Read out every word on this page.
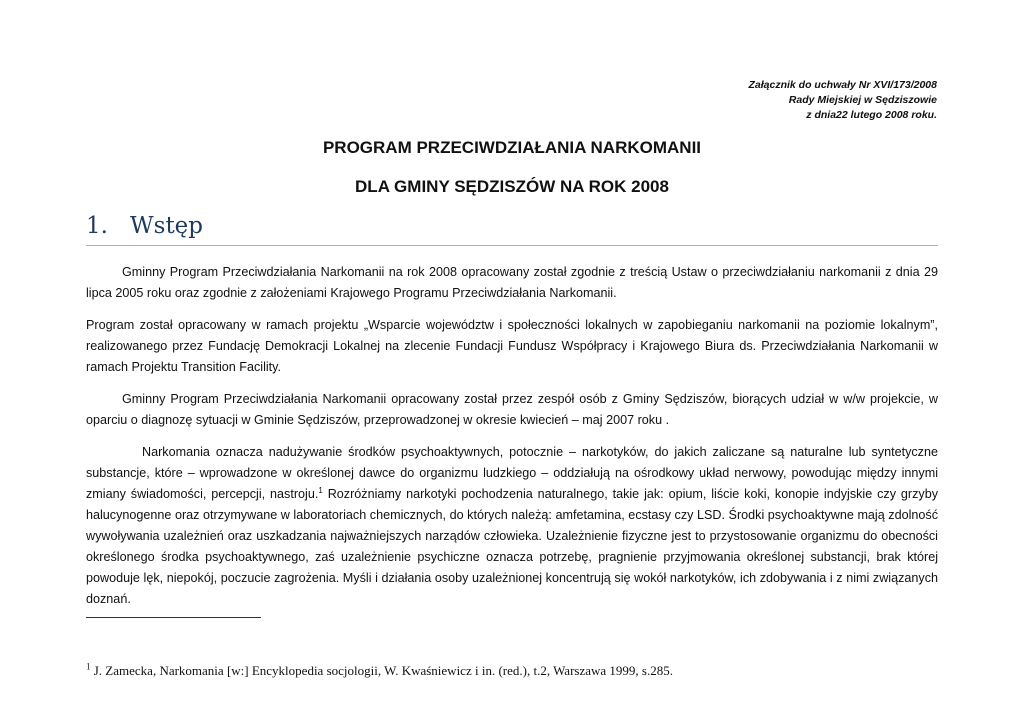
Załącznik do uchwały Nr XVI/173/2008
Rady Miejskiej w Sędziszowie
z dnia22 lutego 2008 roku.
PROGRAM PRZECIWDZIAŁANIA NARKOMANII
DLA GMINY SĘDZISZÓW NA ROK 2008
1. Wstęp

Gminny Program Przeciwdziałania Narkomanii na rok 2008 opracowany został zgodnie z treścią Ustaw o przeciwdziałaniu narkomanii z dnia 29 lipca 2005 roku oraz zgodnie z założeniami Krajowego Programu Przeciwdziałania Narkomanii.

Program został opracowany w ramach projektu „Wsparcie województw i społeczności lokalnych w zapobieganiu narkomanii na poziomie lokalnym”, realizowanego przez Fundację Demokracji Lokalnej na zlecenie Fundacji Fundusz Współpracy i Krajowego Biura ds. Przeciwdziałania Narkomanii w ramach Projektu Transition Facility.

Gminny Program Przeciwdziałania Narkomanii opracowany został przez zespół osób z Gminy Sędziszów, biorących udział w w/w projekcie, w oparciu o diagnozę sytuacji w Gminie Sędziszów, przeprowadzonej w okresie kwiecień – maj 2007 roku .

Narkomania oznacza nadużywanie środków psychoaktywnych, potocznie – narkotyków, do jakich zaliczane są naturalne lub syntetyczne substancje, które – wprowadzone w określonej dawce do organizmu ludzkiego – oddziałują na ośrodkowy układ nerwowy, powodując między innymi zmiany świadomości, percepcji, nastroju.$^1$ Rozróżniamy narkotyki pochodzenia naturalnego, takie jak: opium, liście koki, konopie indyjskie czy grzyby halucynogenne oraz otrzymywane w laboratoriach chemicznych, do których należą: amfetamina, ecstasy czy LSD. Środki psychoaktywne mają zdolność wywoływania uzależnień oraz uszkadzania najważniejszych narządów człowieka. Uzależnienie fizyczne jest to przystosowanie organizmu do obecności określonego środka psychoaktywnego, zaś uzależnienie psychiczne oznacza potrzebę, pragnienie przyjmowania określonej substancji, brak której powoduje lęk, niepokój, poczucie zagrożenia. Myśli i działania osoby uzależnionej koncentrują się wokół narkotyków, ich zdobywania i z nimi związanych doznań.

$^1$ J. Zamecka, Narkomania [w:] Encyklopedia socjologii, W. Kwaśniewicz i in. (red.), t.2, Warszawa 1999, s.285.
